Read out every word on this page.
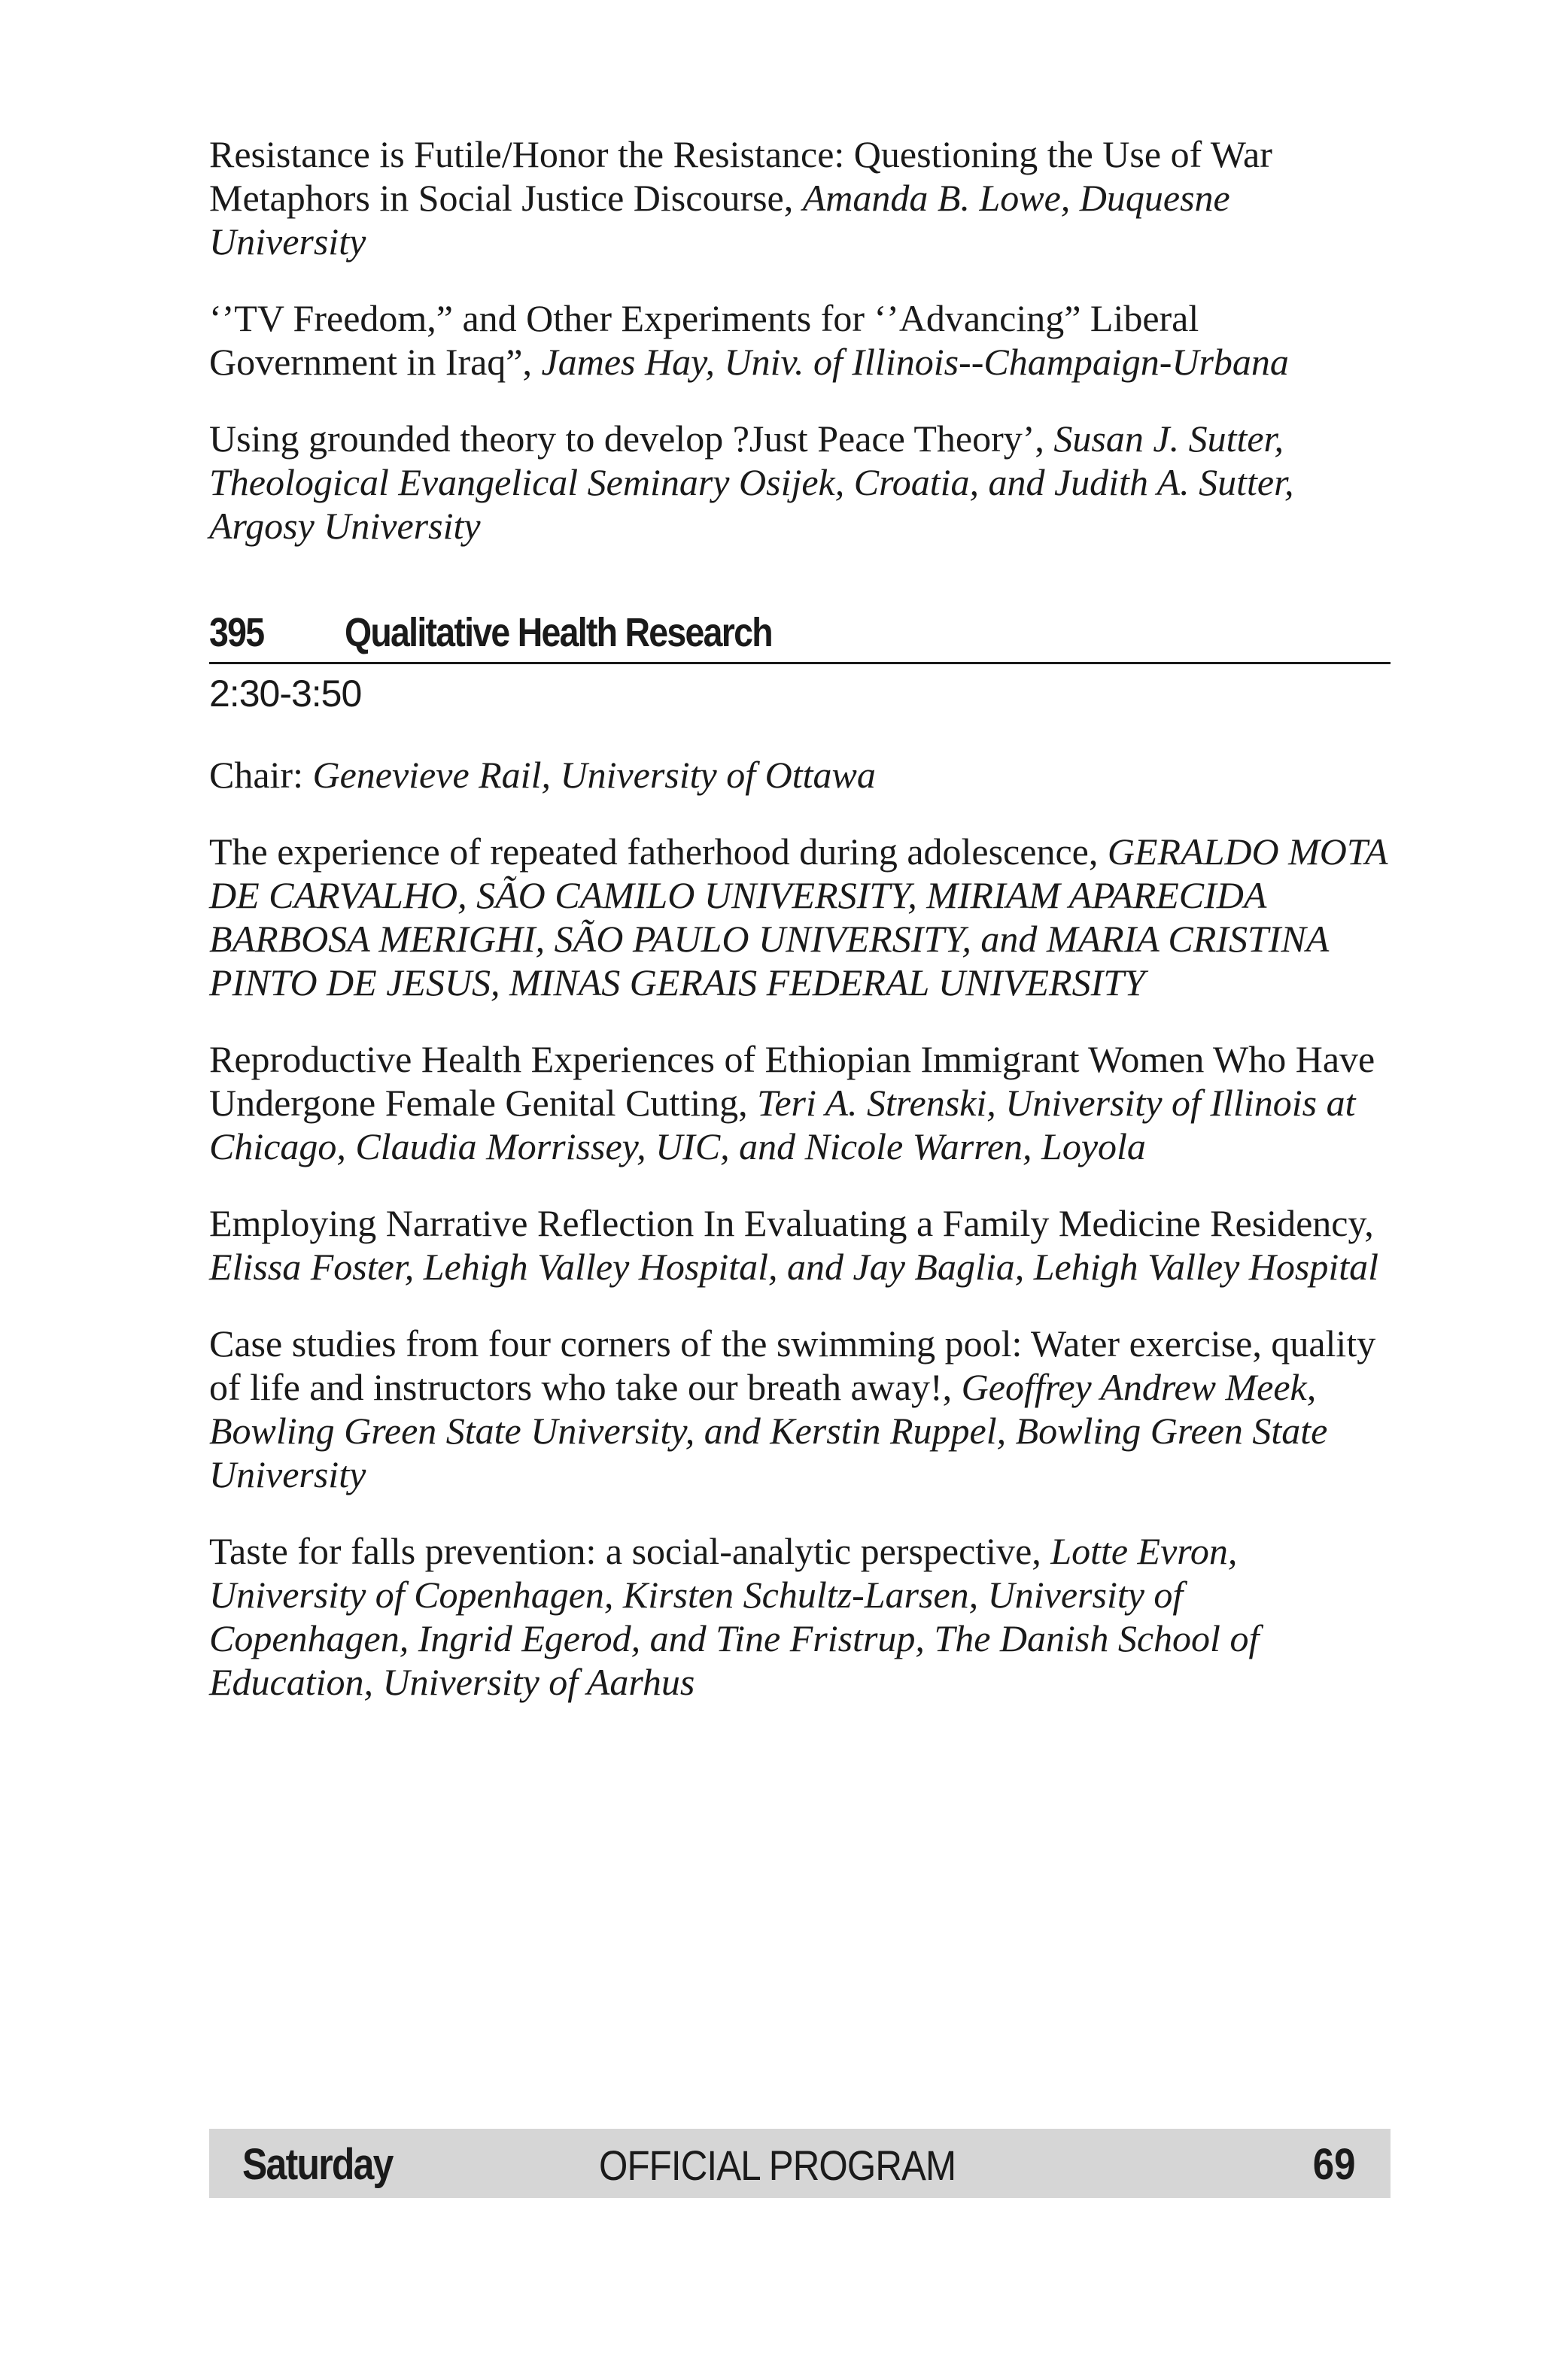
Resistance is Futile/Honor the Resistance: Questioning the Use of War Metaphors in Social Justice Discourse, Amanda B. Lowe, Duquesne University

‘’TV Freedom,” and Other Experiments for ‘’Advancing” Liberal Government in Iraq”, James Hay, Univ. of Illinois--Champaign-Urbana

Using grounded theory to develop ?Just Peace Theory’, Susan J. Sutter, Theological Evangelical Seminary Osijek, Croatia, and Judith A. Sutter, Argosy University

395	Qualitative Health Research
2:30-3:50

Chair: Genevieve Rail, University of Ottawa

The experience of repeated fatherhood during adolescence, GERALDO MOTA DE CARVALHO, SÃO CAMILO UNIVERSITY, MIRIAM APARECIDA BARBOSA MERIGHI, SÃO PAULO UNIVERSITY, and MARIA CRISTINA PINTO DE JESUS, MINAS GERAIS FEDERAL UNIVERSITY

Reproductive Health Experiences of Ethiopian Immigrant Women Who Have Undergone Female Genital Cutting, Teri A. Strenski, University of Illinois at Chicago, Claudia Morrissey, UIC, and Nicole Warren, Loyola

Employing Narrative Reflection In Evaluating a Family Medicine Residency, Elissa Foster, Lehigh Valley Hospital, and Jay Baglia, Lehigh Valley Hospital

Case studies from four corners of the swimming pool: Water exercise, quality of life and instructors who take our breath away!, Geoffrey Andrew Meek, Bowling Green State University, and Kerstin Ruppel, Bowling Green State University

Taste for falls prevention: a social-analytic perspective, Lotte Evron, University of Copenhagen, Kirsten Schultz-Larsen, University of Copenhagen, Ingrid Egerod, and Tine Fristrup, The Danish School of Education, University of Aarhus

Saturday	OFFICIAL PROGRAM	69
